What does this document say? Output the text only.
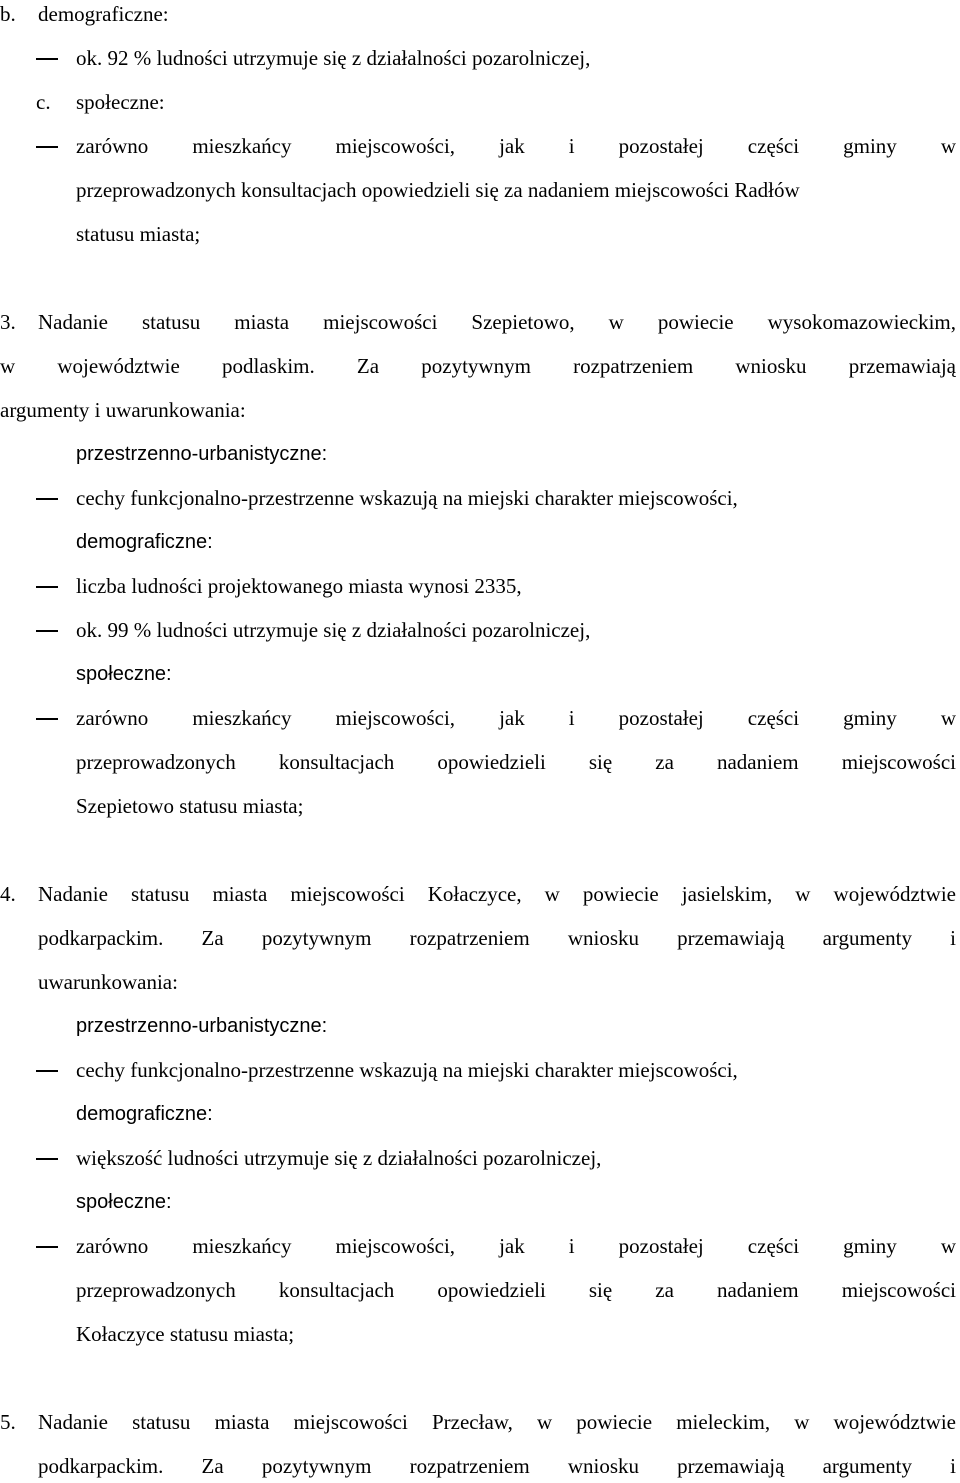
b. demograficzne:
ok. 92 % ludności utrzymuje się z działalności pozarolniczej,
c. społeczne:
zarówno mieszkańcy miejscowości, jak i pozostałej części gminy w
przeprowadzonych konsultacjach opowiedzieli się za nadaniem miejscowości Radłów
statusu miasta;
3. Nadanie statusu miasta miejscowości Szepietowo, w powiecie wysokomazowieckim,
w województwie podlaskim. Za pozytywnym rozpatrzeniem wniosku przemawiają
argumenty i uwarunkowania:
przestrzenno-urbanistyczne:
cechy funkcjonalno-przestrzenne wskazują na miejski charakter miejscowości,
demograficzne:
liczba ludności projektowanego miasta wynosi 2335,
ok. 99 % ludności utrzymuje się z działalności pozarolniczej,
społeczne:
zarówno mieszkańcy miejscowości, jak i pozostałej części gminy w
przeprowadzonych konsultacjach opowiedzieli się za nadaniem miejscowości
Szepietowo statusu miasta;
4. Nadanie statusu miasta miejscowości Kołaczyce, w powiecie jasielskim, w województwie
podkarpackim. Za pozytywnym rozpatrzeniem wniosku przemawiają argumenty i
uwarunkowania:
przestrzenno-urbanistyczne:
cechy funkcjonalno-przestrzenne wskazują na miejski charakter miejscowości,
demograficzne:
większość ludności utrzymuje się z działalności pozarolniczej,
społeczne:
zarówno mieszkańcy miejscowości, jak i pozostałej części gminy w
przeprowadzonych konsultacjach opowiedzieli się za nadaniem miejscowości
Kołaczyce statusu miasta;
5. Nadanie statusu miasta miejscowości Przecław, w powiecie mieleckim, w województwie
podkarpackim. Za pozytywnym rozpatrzeniem wniosku przemawiają argumenty i
